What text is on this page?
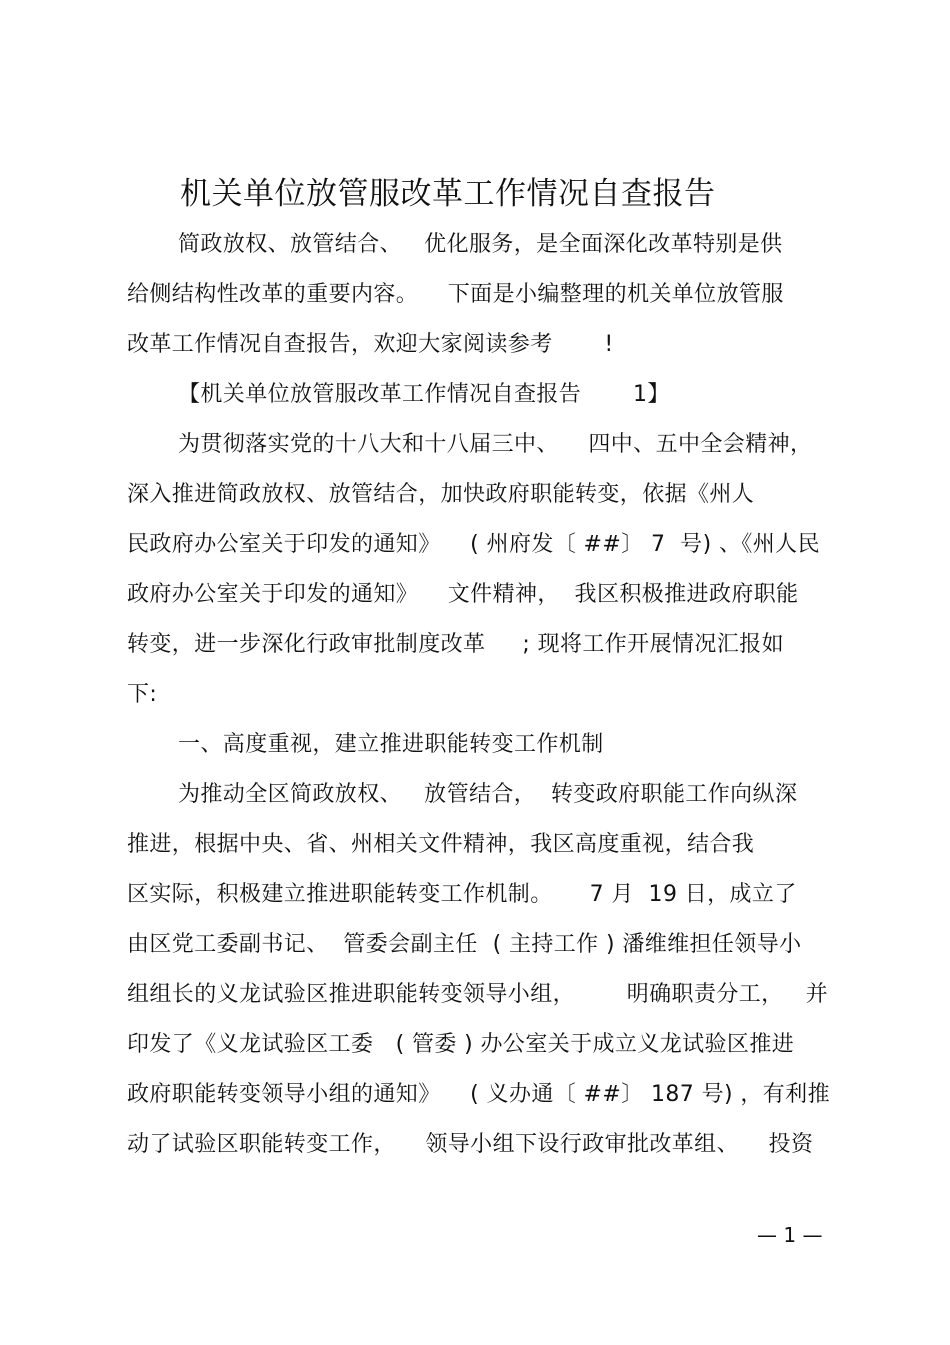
机关单位放管服改革工作情况自查报告
简政放权、放管结合、   优化服务，是全面深化改革特别是供
给侧结构性改革的重要内容。    下面是小编整理的机关单位放管服
改革工作情况自查报告，欢迎大家阅读参考       !
【机关单位放管服改革工作情况自查报告       1】
为贯彻落实党的十八大和十八届三中、    四中、五中全会精神，
深入推进简政放权、放管结合，加快政府职能转变，依据《州人
民政府办公室关于印发的通知》    ( 州府发〔 ##〕 7  号) 、《州人民
政府办公室关于印发的通知》    文件精神，  我区积极推进政府职能
转变，进一步深化行政审批制度改革     ; 现将工作开展情况汇报如
下:
一、高度重视，建立推进职能转变工作机制
为推动全区简政放权、   放管结合，  转变政府职能工作向纵深
推进，根据中央、省、州相关文件精神，我区高度重视，结合我
区实际，积极建立推进职能转变工作机制。     7 月  19 日，成立了
由区党工委副书记、  管委会副主任  ( 主持工作 ) 潘维维担任领导小
组组长的义龙试验区推进职能转变领导小组，       明确职责分工，   并
印发了《义龙试验区工委   ( 管委 ) 办公室关于成立义龙试验区推进
政府职能转变领导小组的通知》    ( 义办通〔 ##〕 187 号) ，有利推
动了试验区职能转变工作，    领导小组下设行政审批改革组、    投资
— 1 —
